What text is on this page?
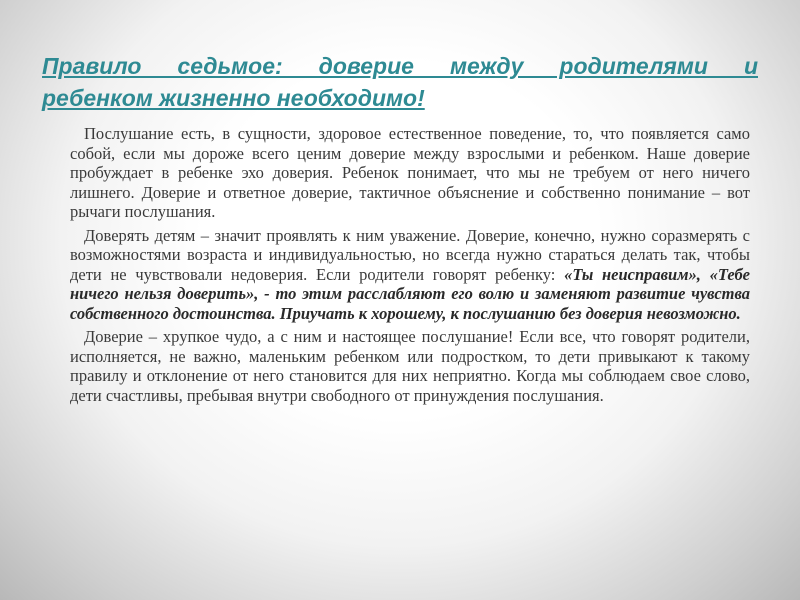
Правило седьмое: доверие между родителями и
ребенком жизненно необходимо!

Послушание есть, в сущности, здоровое естественное поведение, то, что появляется само собой, если мы дороже всего ценим доверие между взрослыми и ребенком. Наше доверие пробуждает в ребенке эхо доверия. Ребенок понимает, что мы не требуем от него ничего лишнего. Доверие и ответное доверие, тактичное объяснение и собственно понимание – вот рычаги послушания.

Доверять детям – значит проявлять к ним уважение. Доверие, конечно, нужно соразмерять с возможностями возраста и индивидуальностью, но всегда нужно стараться делать так, чтобы дети не чувствовали недоверия. Если родители говорят ребенку: «Ты неисправим», «Тебе ничего нельзя доверить», - то этим расслабляют его волю и заменяют развитие чувства собственного достоинства. Приучать к хорошему, к послушанию без доверия невозможно.

Доверие – хрупкое чудо, а с ним и настоящее послушание! Если все, что говорят родители, исполняется, не важно, маленьким ребенком или подростком, то дети привыкают к такому правилу и отклонение от него становится для них неприятно. Когда мы соблюдаем свое слово, дети счастливы, пребывая внутри свободного от принуждения послушания.
